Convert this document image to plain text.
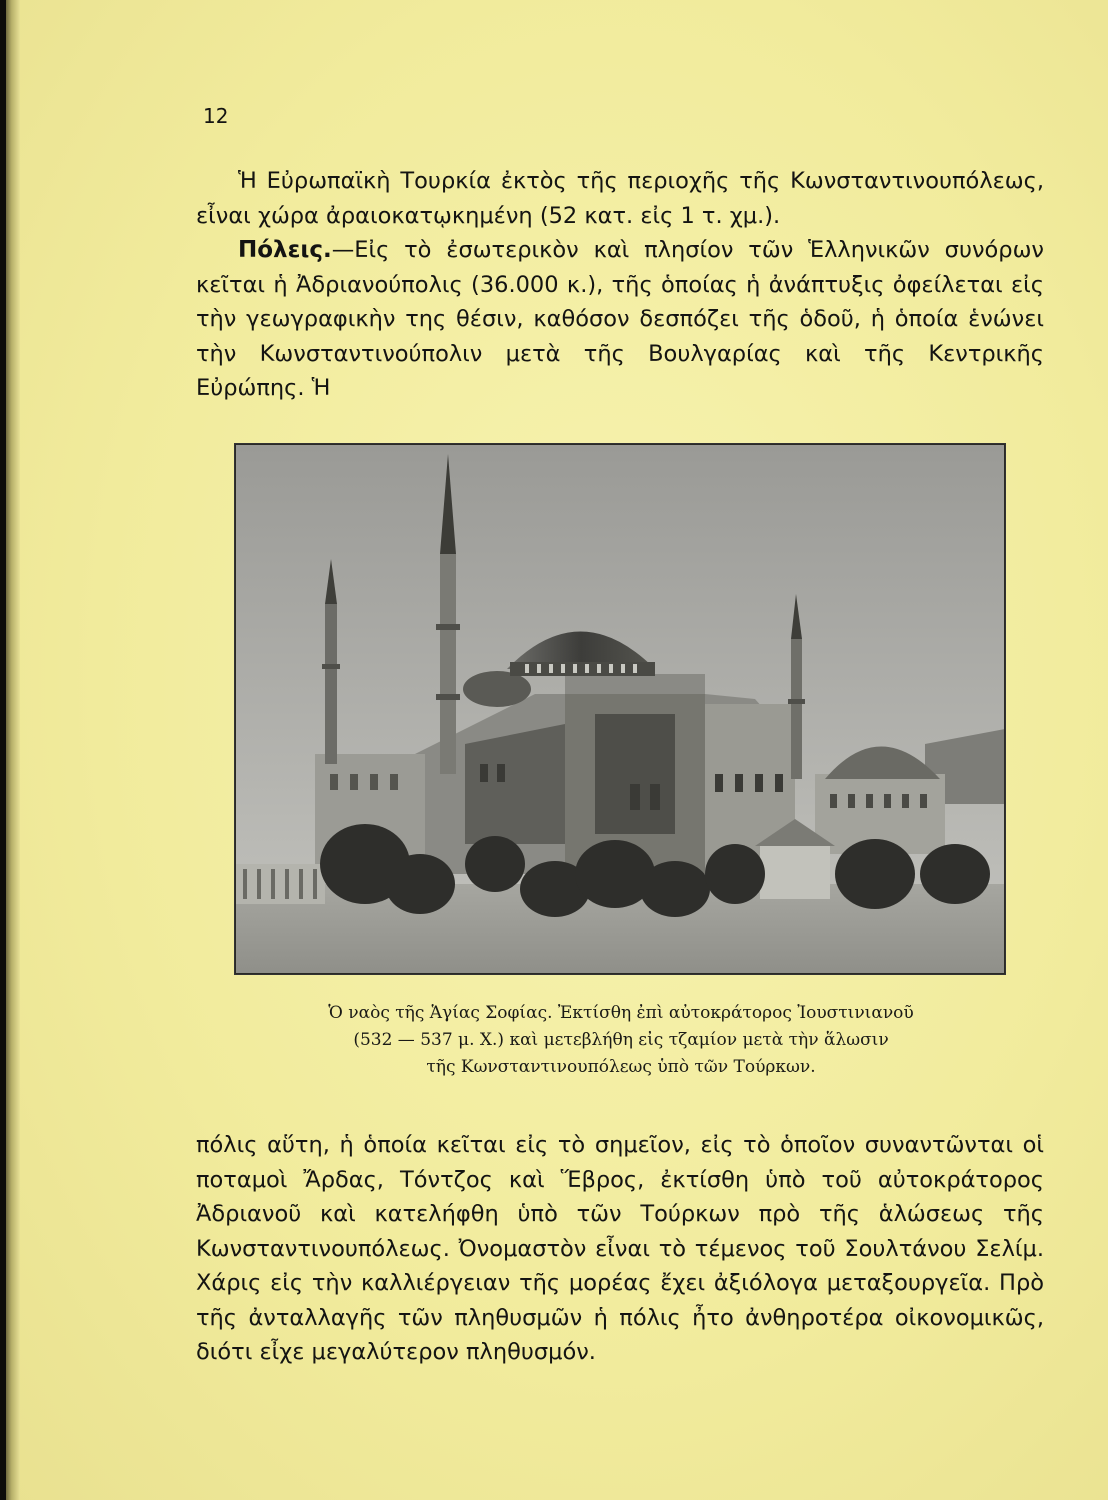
12

Ἡ Εὐρωπαϊκὴ Τουρκία ἐκτὸς τῆς περιοχῆς τῆς Κωνσταντινουπόλεως, εἶναι χώρα ἀραιοκατῳκημένη (52 κατ. εἰς 1 τ. χμ.).

Πόλεις.—Εἰς τὸ ἐσωτερικὸν καὶ πλησίον τῶν Ἑλληνικῶν συνόρων κεῖται ἡ Ἀδριανούπολις (36.000 κ.), τῆς ὁποίας ἡ ἀνάπτυξις ὀφείλεται εἰς τὴν γεωγραφικὴν της θέσιν, καθόσον δεσπόζει τῆς ὁδοῦ, ἡ ὁποία ἑνώνει τὴν Κωνσταντινούπολιν μετὰ τῆς Βουλγαρίας καὶ τῆς Κεντρικῆς Εὐρώπης. Ἡ

Ὁ ναὸς τῆς Ἁγίας Σοφίας. Ἐκτίσθη ἐπὶ αὐτοκράτορος Ἰουστινιανοῦ

(532 — 537 μ. Χ.) καὶ μετεβλήθη εἰς τζαμίον μετὰ τὴν ἅλωσιν

τῆς Κωνσταντινουπόλεως ὑπὸ τῶν Τούρκων.

πόλις αὕτη, ἡ ὁποία κεῖται εἰς τὸ σημεῖον, εἰς τὸ ὁποῖον συναντῶνται οἱ ποταμοὶ Ἄρδας, Τόντζος καὶ Ἕβρος, ἐκτίσθη ὑπὸ τοῦ αὐτοκράτορος Ἀδριανοῦ καὶ κατελήφθη ὑπὸ τῶν Τούρκων πρὸ τῆς ἁλώσεως τῆς Κωνσταντινουπόλεως. Ὀνομαστὸν εἶναι τὸ τέμενος τοῦ Σουλτάνου Σελίμ. Χάρις εἰς τὴν καλλιέργειαν τῆς μορέας ἔχει ἀξιόλογα μεταξουργεῖα. Πρὸ τῆς ἀνταλλαγῆς τῶν πληθυσμῶν ἡ πόλις ἦτο ἀνθηροτέρα οἰκονομικῶς, διότι εἶχε μεγαλύτερον πληθυσμόν.
